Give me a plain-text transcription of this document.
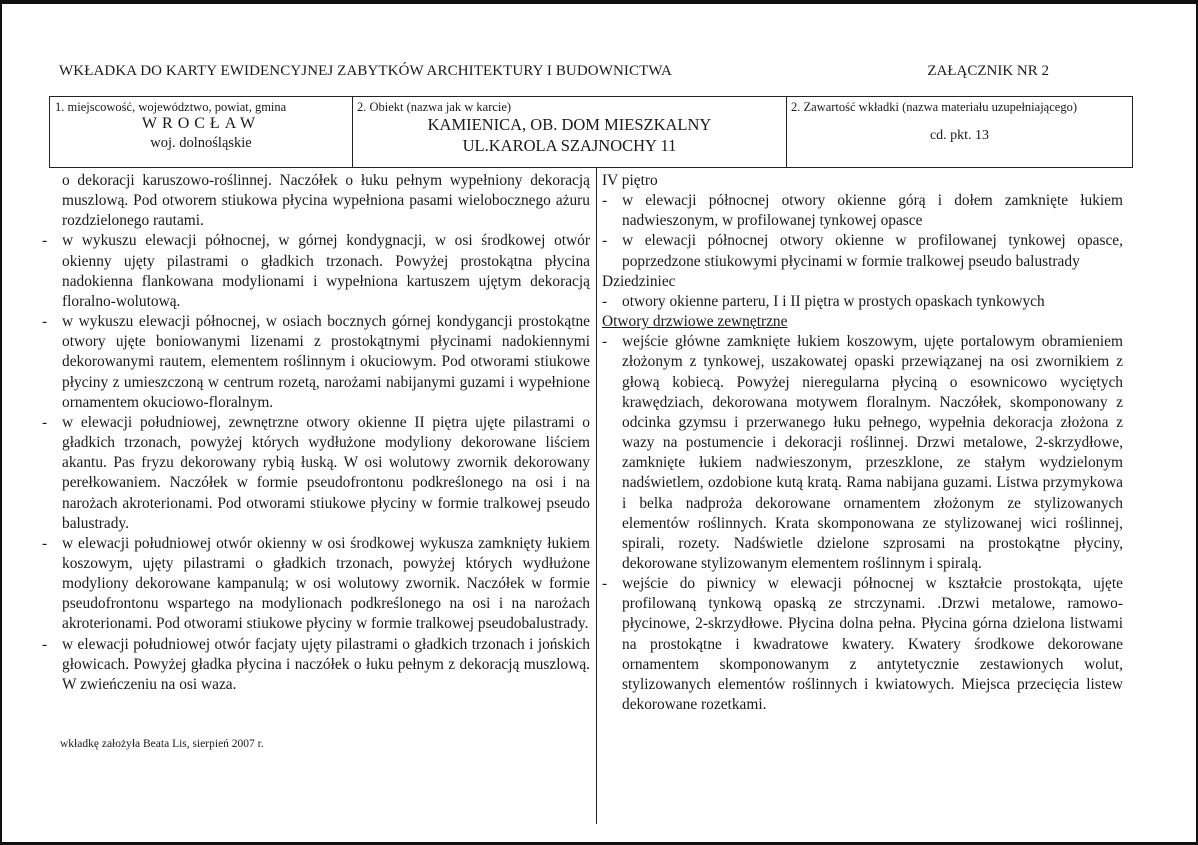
WKŁADKA DO KARTY EWIDENCYJNEJ ZABYTKÓW ARCHITEKTURY I BUDOWNICTWA	ZAŁĄCZNIK NR 2
1. miejscowość, województwo, powiat, gmina
WROCŁAW
woj. dolnośląskie
2. Obiekt (nazwa jak w karcie)
KAMIENICA, OB. DOM MIESZKALNY
UL.KAROLA SZAJNOCHY 11
2. Zawartość wkładki (nazwa materiału uzupełniającego)
cd. pkt. 13
o dekoracji karuszowo-roślinnej. Naczółek o łuku pełnym wypełniony dekoracją muszlową. Pod otworem stiukowa płycina wypełniona pasami wielobocznego ażuru rozdzielonego rautami.
- w wykuszu elewacji północnej, w górnej kondygnacji, w osi środkowej otwór okienny ujęty pilastrami o gładkich trzonach. Powyżej prostokątna płycina nadokienna flankowana modylionami i wypełniona kartuszem ujętym dekoracją floralno-wolutową.
- w wykuszu elewacji północnej, w osiach bocznych górnej kondygancji prostokątne otwory ujęte boniowanymi lizenami z prostokątnymi płycinami nadokiennymi dekorowanymi rautem, elementem roślinnym i okuciowym. Pod otworami stiukowe płyciny z umieszczoną w centrum rozetą, narożami nabijanymi guzami i wypełnione ornamentem okuciowo-floralnym.
- w elewacji południowej, zewnętrzne otwory okienne II piętra ujęte pilastrami o gładkich trzonach, powyżej których wydłużone modyliony dekorowane liściem akantu. Pas fryzu dekorowany rybią łuską. W osi wolutowy zwornik dekorowany perełkowaniem. Naczółek w formie pseudofrontonu podkreślonego na osi i na narożach akroterionami. Pod otworami stiukowe płyciny w formie tralkowej pseudo balustrady.
- w elewacji południowej otwór okienny w osi środkowej wykusza zamknięty łukiem koszowym, ujęty pilastrami o gładkich trzonach, powyżej których wydłużone modyliony dekorowane kampanulą; w osi wolutowy zwornik. Naczółek w formie pseudofrontonu wspartego na modylionach podkreślonego na osi i na narożach akroterionami. Pod otworami stiukowe płyciny w formie tralkowej pseudobalustrady.
- w elewacji południowej otwór facjaty ujęty pilastrami o gładkich trzonach i jońskich głowicach. Powyżej gładka płycina i naczółek o łuku pełnym z dekoracją muszlową. W zwieńczeniu na osi waza.
IV piętro
- w elewacji północnej otwory okienne górą i dołem zamknięte łukiem nadwieszonym, w profilowanej tynkowej opasce
- w elewacji północnej otwory okienne w profilowanej tynkowej opasce, poprzedzone stiukowymi płycinami w formie tralkowej pseudo balustrady
Dziedziniec
- otwory okienne parteru, I i II piętra w prostych opaskach tynkowych
Otwory drzwiowe zewnętrzne
- wejście główne zamknięte łukiem koszowym, ujęte portalowym obramieniem złożonym z tynkowej, uszakowatej opaski przewiązanej na osi zwornikiem z głową kobiecą. Powyżej nieregularna płyciną o esownicowo wyciętych krawędziach, dekorowana motywem floralnym. Naczółek, skomponowany z odcinka gzymsu i przerwanego łuku pełnego, wypełnia dekoracja złożona z wazy na postumencie i dekoracji roślinnej. Drzwi metalowe, 2-skrzydłowe, zamknięte łukiem nadwieszonym, przeszklone, ze stałym wydzielonym nadświetlem, ozdobione kutą kratą. Rama nabijana guzami. Listwa przymykowa i belka nadproża dekorowane ornamentem złożonym ze stylizowanych elementów roślinnych. Krata skomponowana ze stylizowanej wici roślinnej, spirali, rozety. Nadświetle dzielone szprosami na prostokątne płyciny, dekorowane stylizowanym elementem roślinnym i spiralą.
- wejście do piwnicy w elewacji północnej w kształcie prostokąta, ujęte profilowaną tynkową opaską ze strczynami. .Drzwi metalowe, ramowo-płycinowe, 2-skrzydłowe. Płycina dolna pełna. Płycina górna dzielona listwami na prostokątne i kwadratowe kwatery. Kwatery środkowe dekorowane ornamentem skomponowanym z antytetycznie zestawionych wolut, stylizowanych elementów roślinnych i kwiatowych. Miejsca przecięcia listew dekorowane rozetkami.
wkładkę założyła Beata Lis, sierpień 2007 r.
